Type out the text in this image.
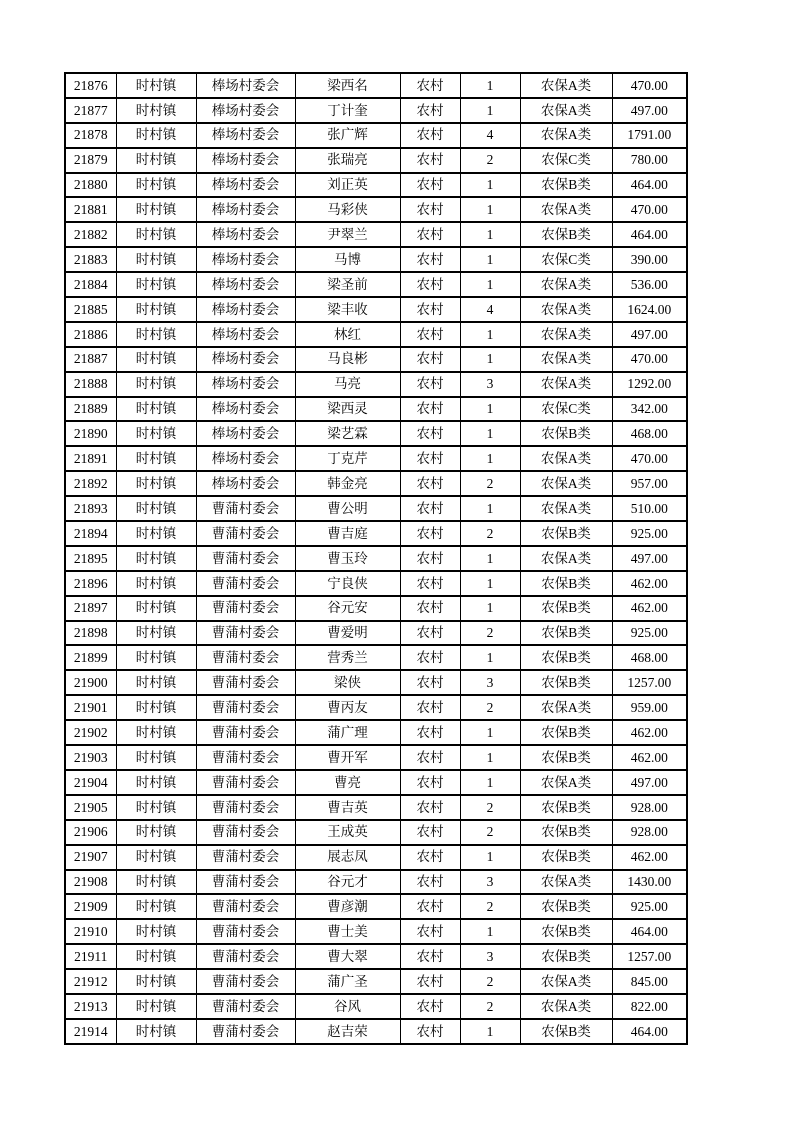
21876	时村镇	棒场村委会	梁西名	农村	1	农保A类	470.00
21877	时村镇	棒场村委会	丁计奎	农村	1	农保A类	497.00
21878	时村镇	棒场村委会	张广辉	农村	4	农保A类	1791.00
21879	时村镇	棒场村委会	张瑞亮	农村	2	农保C类	780.00
21880	时村镇	棒场村委会	刘正英	农村	1	农保B类	464.00
21881	时村镇	棒场村委会	马彩侠	农村	1	农保A类	470.00
21882	时村镇	棒场村委会	尹翠兰	农村	1	农保B类	464.00
21883	时村镇	棒场村委会	马博	农村	1	农保C类	390.00
21884	时村镇	棒场村委会	梁圣前	农村	1	农保A类	536.00
21885	时村镇	棒场村委会	梁丰收	农村	4	农保A类	1624.00
21886	时村镇	棒场村委会	林红	农村	1	农保A类	497.00
21887	时村镇	棒场村委会	马良彬	农村	1	农保A类	470.00
21888	时村镇	棒场村委会	马亮	农村	3	农保A类	1292.00
21889	时村镇	棒场村委会	梁西灵	农村	1	农保C类	342.00
21890	时村镇	棒场村委会	梁艺霖	农村	1	农保B类	468.00
21891	时村镇	棒场村委会	丁克芹	农村	1	农保A类	470.00
21892	时村镇	棒场村委会	韩金亮	农村	2	农保A类	957.00
21893	时村镇	曹蒲村委会	曹公明	农村	1	农保A类	510.00
21894	时村镇	曹蒲村委会	曹吉庭	农村	2	农保B类	925.00
21895	时村镇	曹蒲村委会	曹玉玲	农村	1	农保A类	497.00
21896	时村镇	曹蒲村委会	宁良侠	农村	1	农保B类	462.00
21897	时村镇	曹蒲村委会	谷元安	农村	1	农保B类	462.00
21898	时村镇	曹蒲村委会	曹爱明	农村	2	农保B类	925.00
21899	时村镇	曹蒲村委会	营秀兰	农村	1	农保B类	468.00
21900	时村镇	曹蒲村委会	梁侠	农村	3	农保B类	1257.00
21901	时村镇	曹蒲村委会	曹丙友	农村	2	农保A类	959.00
21902	时村镇	曹蒲村委会	蒲广理	农村	1	农保B类	462.00
21903	时村镇	曹蒲村委会	曹开军	农村	1	农保B类	462.00
21904	时村镇	曹蒲村委会	曹亮	农村	1	农保A类	497.00
21905	时村镇	曹蒲村委会	曹吉英	农村	2	农保B类	928.00
21906	时村镇	曹蒲村委会	王成英	农村	2	农保B类	928.00
21907	时村镇	曹蒲村委会	展志凤	农村	1	农保B类	462.00
21908	时村镇	曹蒲村委会	谷元才	农村	3	农保A类	1430.00
21909	时村镇	曹蒲村委会	曹彦潮	农村	2	农保B类	925.00
21910	时村镇	曹蒲村委会	曹士美	农村	1	农保B类	464.00
21911	时村镇	曹蒲村委会	曹大翠	农村	3	农保B类	1257.00
21912	时村镇	曹蒲村委会	蒲广圣	农村	2	农保A类	845.00
21913	时村镇	曹蒲村委会	谷风	农村	2	农保A类	822.00
21914	时村镇	曹蒲村委会	赵吉荣	农村	1	农保B类	464.00
